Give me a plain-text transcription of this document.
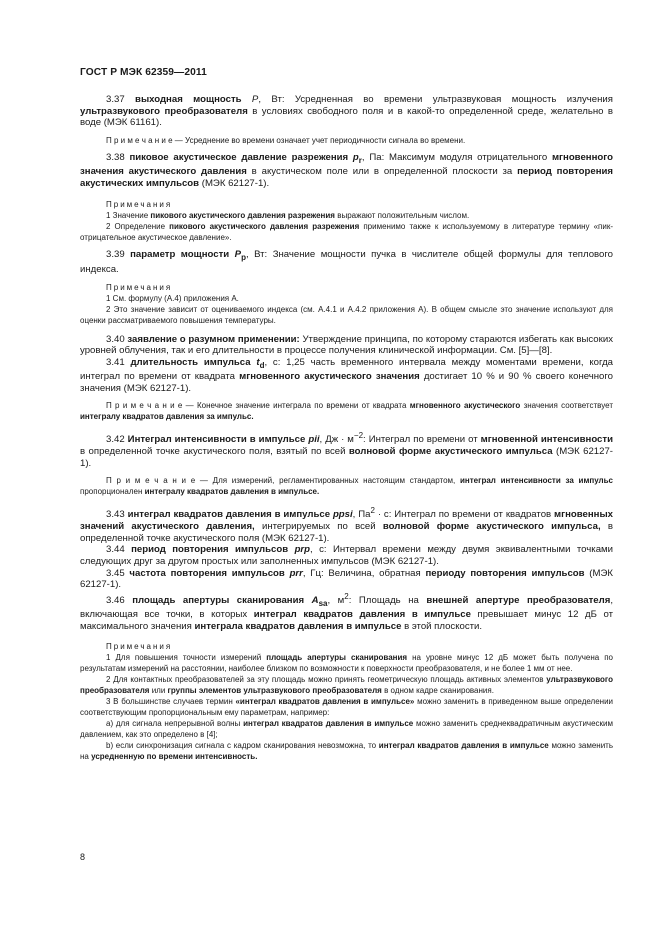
ГОСТ Р МЭК 62359—2011

3.37 выходная мощность P, Вт: Усредненная во времени ультразвуковая мощность излучения ультразвукового преобразователя в условиях свободного поля и в какой-то определенной среде, желательно в воде (МЭК 61161).

П р и м е ч а н и е — Усреднение во времени означает учет периодичности сигнала во времени.

3.38 пиковое акустическое давление разрежения $p_r$, Па: Максимум модуля отрицательного мгновенного значения акустического давления в акустическом поле или в определенной плоскости за период повторения акустических импульсов (МЭК 62127-1).

Примечания

1 Значение пикового акустического давления разрежения выражают положительным числом.

2 Определение пикового акустического давления разрежения применимо также к используемому в литературе термину «пик-отрицательное акустическое давление».

3.39 параметр мощности $P_p$, Вт: Значение мощности пучка в числителе общей формулы для теплового индекса.

Примечания

1 См. формулу (А.4) приложения А.

2 Это значение зависит от оцениваемого индекса (см. А.4.1 и А.4.2 приложения А). В общем смысле это значение используют для оценки рассматриваемого повышения температуры.

3.40 заявление о разумном применении: Утверждение принципа, по которому стараются избегать как высоких уровней облучения, так и его длительности в процессе получения клинической информации. См. [5]—[8].

3.41 длительность импульса $t_d$, с: 1,25 часть временного интервала между моментами времени, когда интеграл по времени от квадрата мгновенного акустического значения достигает 10 % и 90 % своего конечного значения (МЭК 62127-1).

П р и м е ч а н и е — Конечное значение интеграла по времени от квадрата мгновенного акустического значения соответствует интегралу квадратов давления за импульс.

3.42 Интеграл интенсивности в импульсе pii, Дж · $м^{-2}$: Интеграл по времени от мгновенной интенсивности в определенной точке акустического поля, взятый по всей волновой форме акустического импульса (МЭК 62127-1).

П р и м е ч а н и е — Для измерений, регламентированных настоящим стандартом, интеграл интенсивности за импульс пропорционален интегралу квадратов давления в импульсе.

3.43 интеграл квадратов давления в импульсе ppsi, $Па^2 \cdot с$: Интеграл по времени от квадратов мгновенных значений акустического давления, интегрируемых по всей волновой форме акустического импульса, в определенной точке акустического поля (МЭК 62127-1).

3.44 период повторения импульсов prp, с: Интервал времени между двумя эквивалентными точками следующих друг за другом простых или заполненных импульсов (МЭК 62127-1).

3.45 частота повторения импульсов prr, Гц: Величина, обратная периоду повторения импульсов (МЭК 62127-1).

3.46 площадь апертуры сканирования $A_{sa}$, $м^2$: Площадь на внешней апертуре преобразователя, включающая все точки, в которых интеграл квадратов давления в импульсе превышает минус 12 дБ от максимального значения интеграла квадратов давления в импульсе в этой плоскости.

Примечания

1 Для повышения точности измерений площадь апертуры сканирования на уровне минус 12 дБ может быть получена по результатам измерений на расстоянии, наиболее близком по возможности к поверхности преобразователя, и не более 1 мм от нее.

2 Для контактных преобразователей за эту площадь можно принять геометрическую площадь активных элементов ультразвукового преобразователя или группы элементов ультразвукового преобразователя в одном кадре сканирования.

3 В большинстве случаев термин «интеграл квадратов давления в импульсе» можно заменить в приведенном выше определении соответствующим пропорциональным ему параметрам, например:

а) для сигнала непрерывной волны интеграл квадратов давления в импульсе можно заменить среднеквадратичным акустическим давлением, как это определено в [4];

b) если синхронизация сигнала с кадром сканирования невозможна, то интеграл квадратов давления в импульсе можно заменить на усредненную по времени интенсивность.

8
